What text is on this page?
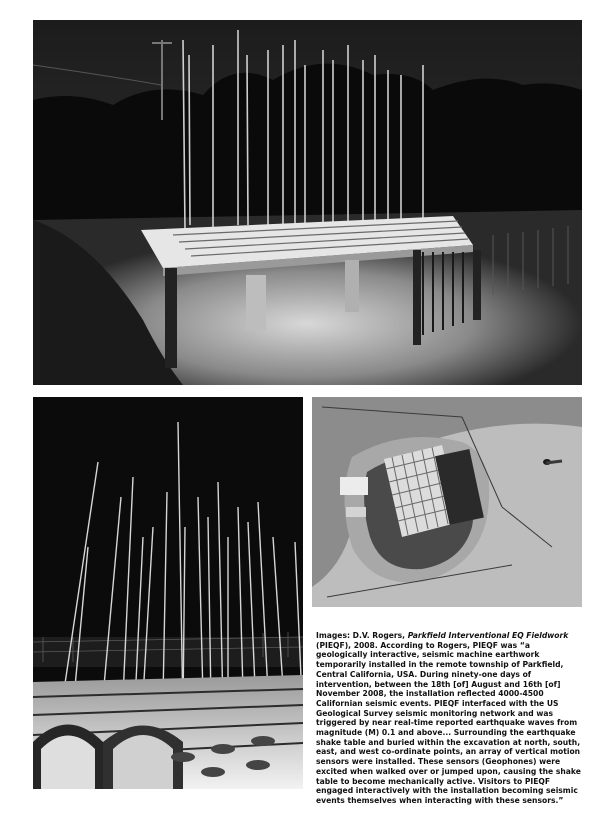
Images: D.V. Rogers, Parkfield Interventional EQ Fieldwork (PIEQF), 2008. According to Rogers, PIEQF was “a geologically interactive, seismic machine earthwork temporarily installed in the remote township of Parkfield, Central California, USA. During ninety-one days of intervention, between the 18th [of] August and 16th [of] November 2008, the installation reflected 4000-4500 Californian seismic events. PIEQF interfaced with the US Geological Survey seismic monitoring network and was triggered by near real-time reported earthquake waves from magnitude (M) 0.1 and above... Surrounding the earthquake shake table and buried within the excavation at north, south, east, and west co-ordinate points, an array of vertical motion sensors were installed. These sensors (Geophones) were excited when walked over or jumped upon, causing the shake table to become mechanically active. Visitors to PIEQF engaged interactively with the installation becoming seismic events themselves when interacting with these sensors.”
